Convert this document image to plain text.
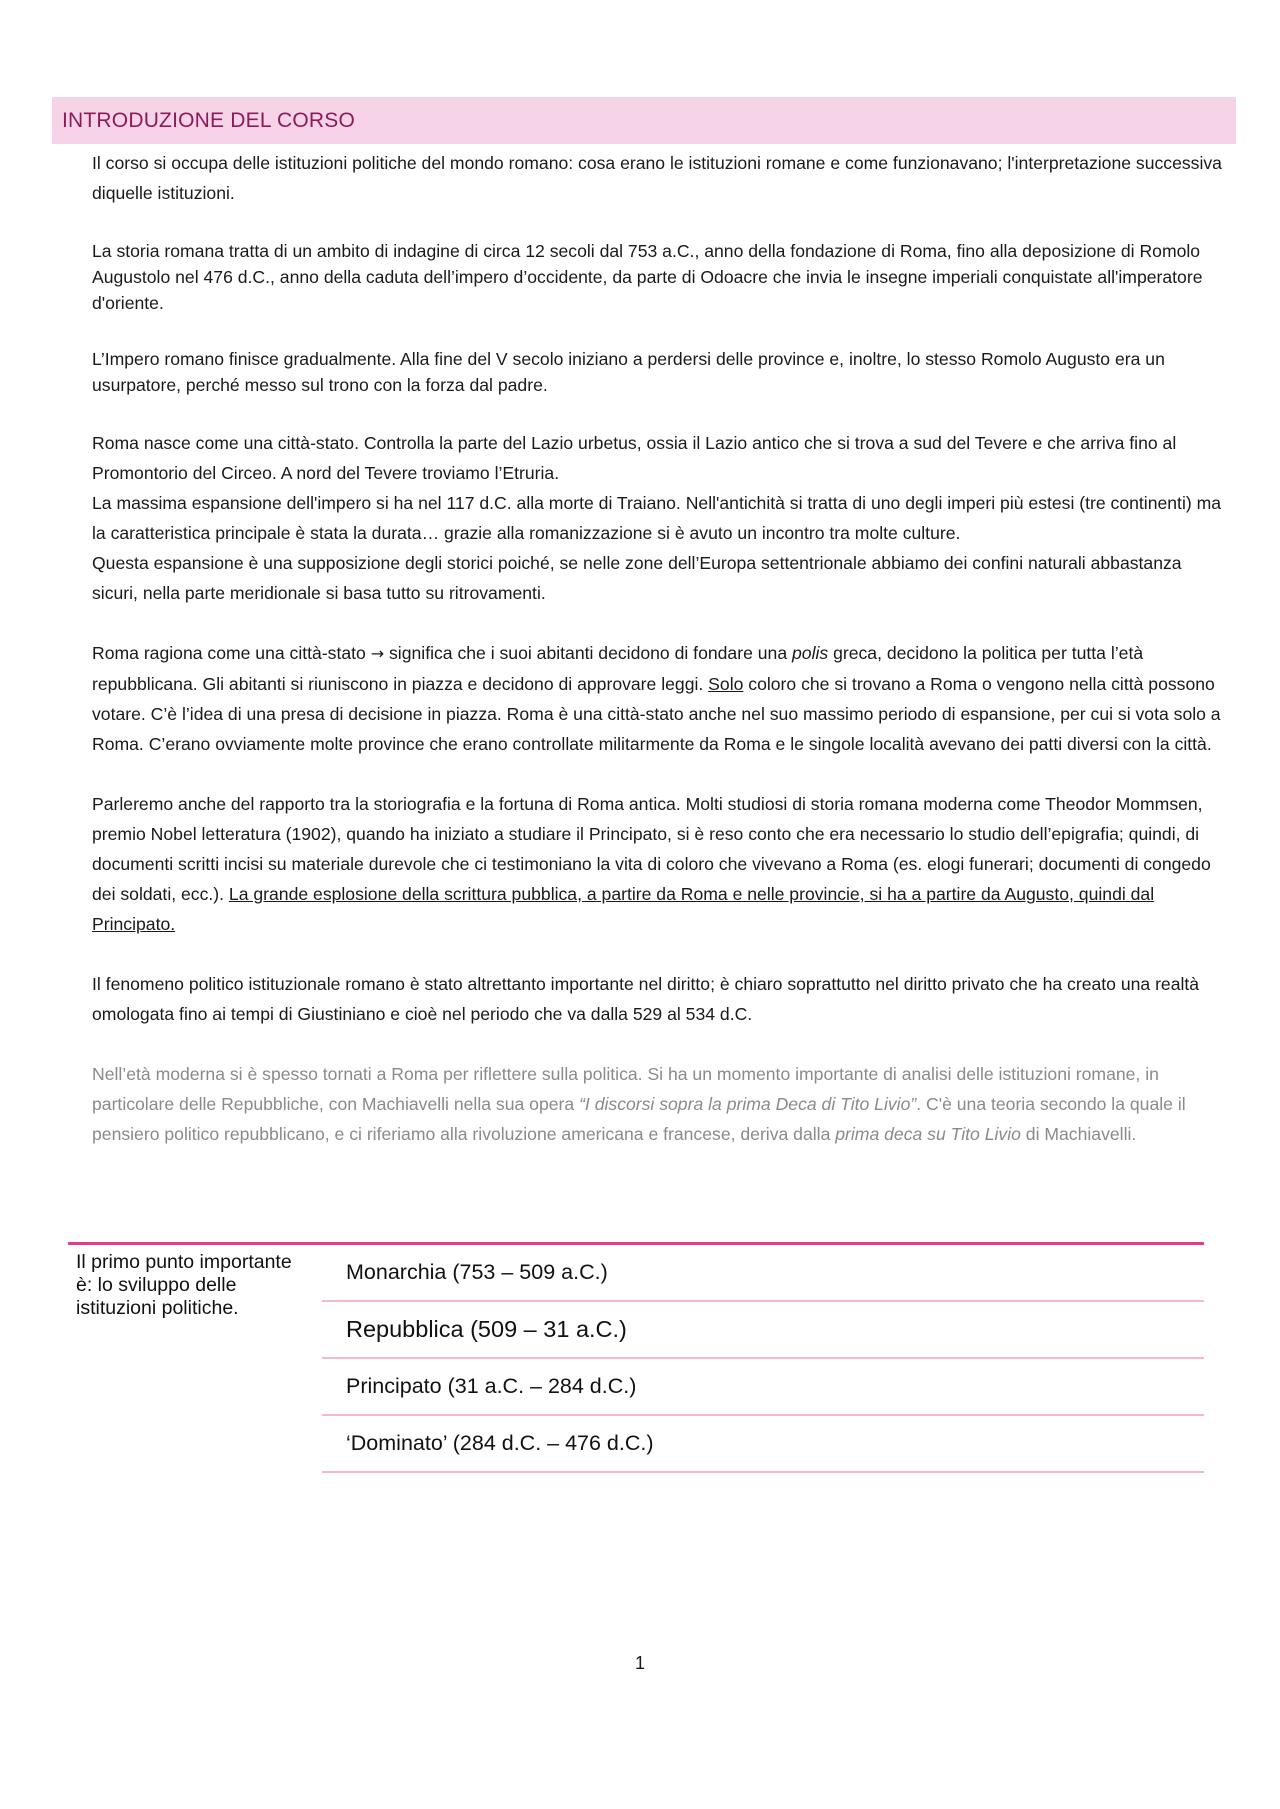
INTRODUZIONE DEL CORSO

Il corso si occupa delle istituzioni politiche del mondo romano: cosa erano le istituzioni romane e come funzionavano; l'interpretazione successiva diquelle istituzioni.

La storia romana tratta di un ambito di indagine di circa 12 secoli dal 753 a.C., anno della fondazione di Roma, fino alla deposizione di Romolo Augustolo nel 476 d.C., anno della caduta dell’impero d’occidente, da parte di Odoacre che invia le insegne imperiali conquistate all'imperatore d'oriente.

L’Impero romano finisce gradualmente. Alla fine del V secolo iniziano a perdersi delle province e, inoltre, lo stesso Romolo Augusto era un usurpatore, perché messo sul trono con la forza dal padre.

Roma nasce come una città-stato. Controlla la parte del Lazio urbetus, ossia il Lazio antico che si trova a sud del Tevere e che arriva fino al Promontorio del Circeo. A nord del Tevere troviamo l’Etruria.

La massima espansione dell'impero si ha nel 117 d.C. alla morte di Traiano. Nell'antichità si tratta di uno degli imperi più estesi (tre continenti) ma la caratteristica principale è stata la durata… grazie alla romanizzazione si è avuto un incontro tra molte culture.

Questa espansione è una supposizione degli storici poiché, se nelle zone dell’Europa settentrionale abbiamo dei confini naturali abbastanza sicuri, nella parte meridionale si basa tutto su ritrovamenti.

Roma ragiona come una città-stato → significa che i suoi abitanti decidono di fondare una polis greca, decidono la politica per tutta l’età repubblicana. Gli abitanti si riuniscono in piazza e decidono di approvare leggi. Solo coloro che si trovano a Roma o vengono nella città possono votare. C’è l’idea di una presa di decisione in piazza. Roma è una città-stato anche nel suo massimo periodo di espansione, per cui si vota solo a Roma. C’erano ovviamente molte province che erano controllate militarmente da Roma e le singole località avevano dei patti diversi con la città.

Parleremo anche del rapporto tra la storiografia e la fortuna di Roma antica. Molti studiosi di storia romana moderna come Theodor Mommsen, premio Nobel letteratura (1902), quando ha iniziato a studiare il Principato, si è reso conto che era necessario lo studio dell’epigrafia; quindi, di documenti scritti incisi su materiale durevole che ci testimoniano la vita di coloro che vivevano a Roma (es. elogi funerari; documenti di congedo dei soldati, ecc.). La grande esplosione della scrittura pubblica, a partire da Roma e nelle provincie, si ha a partire da Augusto, quindi dal Principato.

Il fenomeno politico istituzionale romano è stato altrettanto importante nel diritto; è chiaro soprattutto nel diritto privato che ha creato una realtà omologata fino ai tempi di Giustiniano e cioè nel periodo che va dalla 529 al 534 d.C.

Nell’età moderna si è spesso tornati a Roma per riflettere sulla politica. Si ha un momento importante di analisi delle istituzioni romane, in particolare delle Repubbliche, con Machiavelli nella sua opera “I discorsi sopra la prima Deca di Tito Livio”. C'è una teoria secondo la quale il pensiero politico repubblicano, e ci riferiamo alla rivoluzione americana e francese, deriva dalla prima deca su Tito Livio di Machiavelli.

Il primo punto importante è: lo sviluppo delle istituzioni politiche.
Monarchia (753 – 509 a.C.)
Repubblica (509 – 31 a.C.)
Principato (31 a.C. – 284 d.C.)
‘Dominato’ (284 d.C. – 476 d.C.)
1
